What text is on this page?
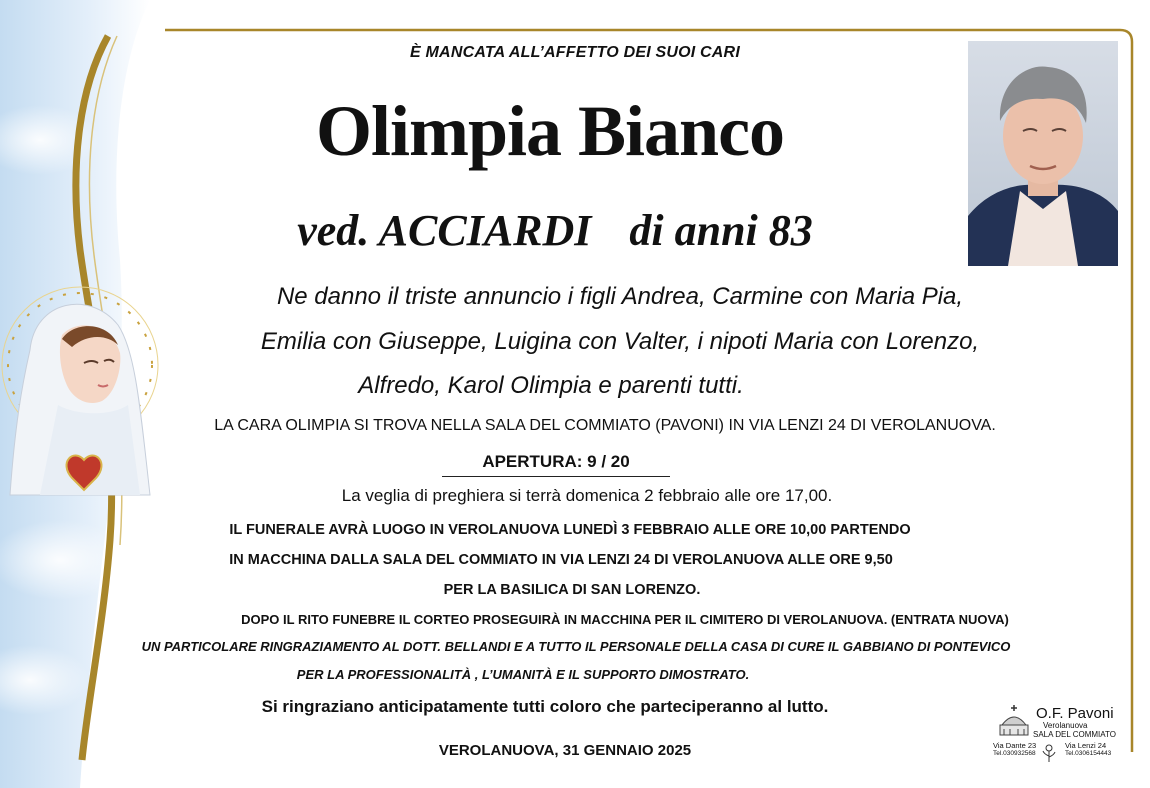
È MANCATA ALL’AFFETTO DEI SUOI CARI
Olimpia Bianco
ved. ACCIARDI di anni 83
Ne danno il triste annuncio i figli Andrea, Carmine con Maria Pia,
Emilia con Giuseppe, Luigina con Valter, i nipoti Maria con Lorenzo,
Alfredo, Karol Olimpia e parenti tutti.
LA CARA OLIMPIA SI TROVA NELLA SALA DEL COMMIATO (PAVONI) IN VIA LENZI 24 DI VEROLANUOVA.
APERTURA: 9 / 20
La veglia di preghiera si terrà domenica 2 febbraio alle ore 17,00.
IL FUNERALE AVRÀ LUOGO IN VEROLANUOVA LUNEDÌ 3 FEBBRAIO ALLE ORE 10,00 PARTENDO
IN MACCHINA DALLA SALA DEL COMMIATO IN VIA LENZI 24 DI VEROLANUOVA ALLE ORE 9,50
PER LA BASILICA DI SAN LORENZO.
DOPO IL RITO FUNEBRE IL CORTEO PROSEGUIRÀ IN MACCHINA PER IL CIMITERO DI VEROLANUOVA. (ENTRATA NUOVA)
UN PARTICOLARE RINGRAZIAMENTO AL DOTT. BELLANDI E A TUTTO IL PERSONALE DELLA CASA DI CURE IL GABBIANO DI PONTEVICO
PER LA PROFESSIONALITÀ , L’UMANITÀ E IL SUPPORTO DIMOSTRATO.
Si ringraziano anticipatamente tutti coloro che parteciperanno al lutto.
VEROLANUOVA, 31 GENNAIO 2025
O.F. Pavoni
Verolanuova
SALA DEL COMMIATO
Via Dante 23	Via Lenzi 24
Tel.030932568	Tel.0306154443
